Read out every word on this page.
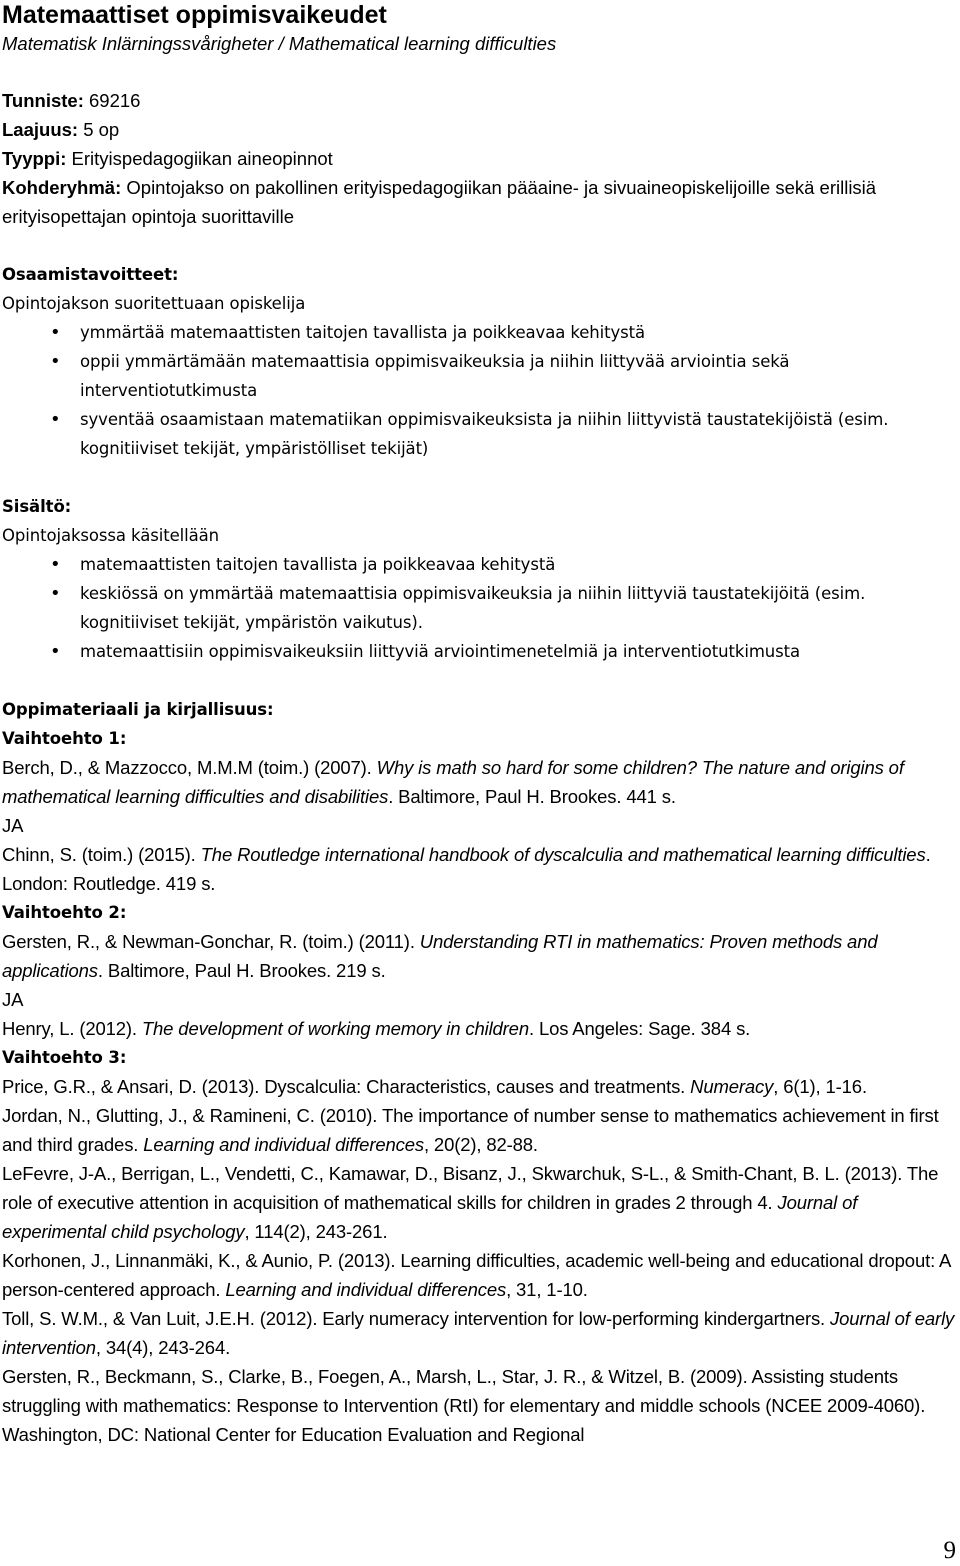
Matemaattiset oppimisvaikeudet
Matematisk Inlärningssvårigheter / Mathematical learning difficulties
Tunniste: 69216
Laajuus: 5 op
Tyyppi: Erityispedagogiikan aineopinnot
Kohderyhmä: Opintojakso on pakollinen erityispedagogiikan pääaine- ja sivuaineopiskelijoille sekä erillisiä erityisopettajan opintoja suorittaville
Osaamistavoitteet:
Opintojakson suoritettuaan opiskelija
• ymmärtää matemaattisten taitojen tavallista ja poikkeavaa kehitystä
• oppii ymmärtämään matemaattisia oppimisvaikeuksia ja niihin liittyvää arviointia sekä interventiotutkimusta
• syventää osaamistaan matematiikan oppimisvaikeuksista ja niihin liittyvistä taustatekijöistä (esim. kognitiiviset tekijät, ympäristölliset tekijät)
Sisältö:
Opintojaksossa käsitellään
• matemaattisten taitojen tavallista ja poikkeavaa kehitystä
• keskiössä on ymmärtää matemaattisia oppimisvaikeuksia ja niihin liittyviä taustatekijöitä (esim. kognitiiviset tekijät, ympäristön vaikutus).
• matemaattisiin oppimisvaikeuksiin liittyviä arviointimenetelmiä ja interventiotutkimusta
Oppimateriaali ja kirjallisuus:
Vaihtoehto 1:

Berch, D., & Mazzocco, M.M.M (toim.) (2007). Why is math so hard for some children? The nature and origins of mathematical learning difficulties and disabilities. Baltimore, Paul H. Brookes. 441 s.

JA

Chinn, S. (toim.) (2015). The Routledge international handbook of dyscalculia and mathematical learning difficulties. London: Routledge. 419 s.

Vaihtoehto 2:

Gersten, R., & Newman-Gonchar, R. (toim.) (2011). Understanding RTI in mathematics: Proven methods and applications. Baltimore, Paul H. Brookes. 219 s.

JA

Henry, L. (2012). The development of working memory in children. Los Angeles: Sage. 384 s.

Vaihtoehto 3:

Price, G.R., & Ansari, D. (2013). Dyscalculia: Characteristics, causes and treatments. Numeracy, 6(1), 1-16.

Jordan, N., Glutting, J., & Ramineni, C. (2010). The importance of number sense to mathematics achievement in first and third grades. Learning and individual differences, 20(2), 82-88.

LeFevre, J-A., Berrigan, L., Vendetti, C., Kamawar, D., Bisanz, J., Skwarchuk, S-L., & Smith-Chant, B. L. (2013). The role of executive attention in acquisition of mathematical skills for children in grades 2 through 4. Journal of experimental child psychology, 114(2), 243-261.

Korhonen, J., Linnanmäki, K., & Aunio, P. (2013). Learning difficulties, academic well-being and educational dropout: A person-centered approach. Learning and individual differences, 31, 1-10.

Toll, S. W.M., & Van Luit, J.E.H. (2012). Early numeracy intervention for low-performing kindergartners. Journal of early intervention, 34(4), 243-264.

Gersten, R., Beckmann, S., Clarke, B., Foegen, A., Marsh, L., Star, J. R., & Witzel, B. (2009). Assisting students struggling with mathematics: Response to Intervention (RtI) for elementary and middle schools (NCEE 2009-4060). Washington, DC: National Center for Education Evaluation and Regional

9
